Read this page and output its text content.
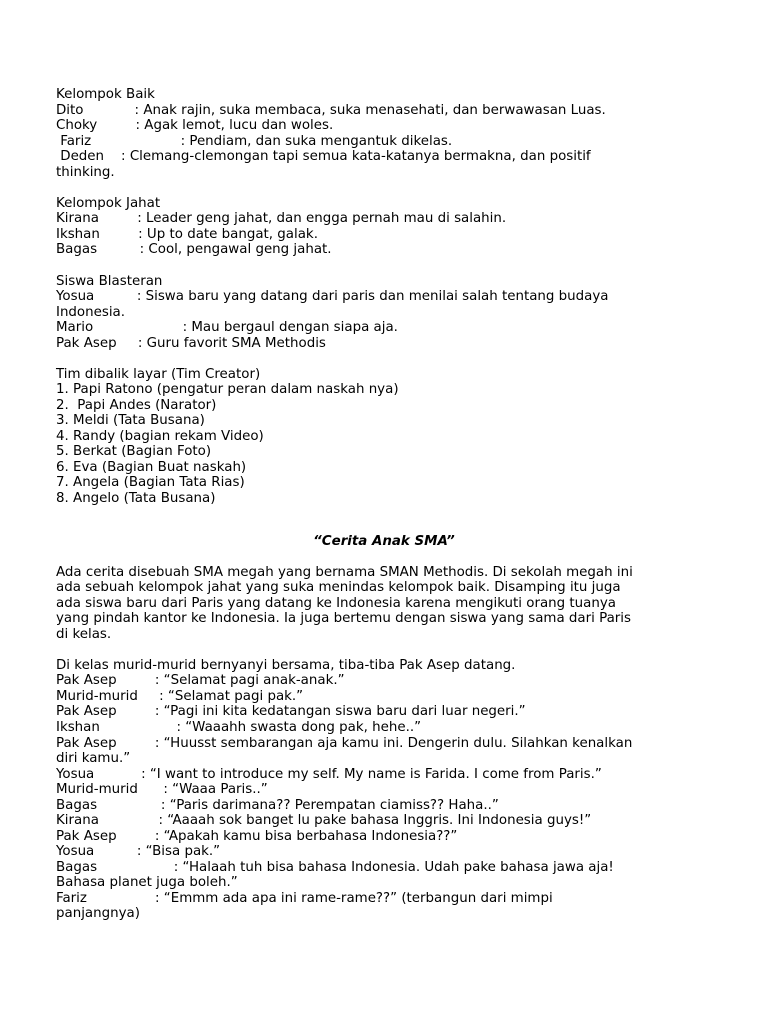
Kelompok Baik
Dito            : Anak rajin, suka membaca, suka menasehati, dan berwawasan Luas.
Choky         : Agak lemot, lucu dan woles.
Fariz                     : Pendiam, dan suka mengantuk dikelas.
Deden    : Clemang-clemongan tapi semua kata-katanya bermakna, dan positif
thinking.
Kelompok Jahat
Kirana         : Leader geng jahat, dan engga pernah mau di salahin.
Ikshan         : Up to date bangat, galak.
Bagas          : Cool, pengawal geng jahat.
Siswa Blasteran
Yosua          : Siswa baru yang datang dari paris dan menilai salah tentang budaya
Indonesia.
Mario                     : Mau bergaul dengan siapa aja.
Pak Asep     : Guru favorit SMA Methodis
Tim dibalik layar (Tim Creator)
1. Papi Ratono (pengatur peran dalam naskah nya)
2.  Papi Andes (Narator)
3. Meldi (Tata Busana)
4. Randy (bagian rekam Video)
5. Berkat (Bagian Foto)
6. Eva (Bagian Buat naskah)
7. Angela (Bagian Tata Rias)
8. Angelo (Tata Busana)
“Cerita Anak SMA”
Ada cerita disebuah SMA megah yang bernama SMAN Methodis. Di sekolah megah ini
ada sebuah kelompok jahat yang suka menindas kelompok baik. Disamping itu juga
ada siswa baru dari Paris yang datang ke Indonesia karena mengikuti orang tuanya
yang pindah kantor ke Indonesia. Ia juga bertemu dengan siswa yang sama dari Paris
di kelas.
Di kelas murid-murid bernyanyi bersama, tiba-tiba Pak Asep datang.
Pak Asep         : “Selamat pagi anak-anak.”
Murid-murid     : “Selamat pagi pak.”
Pak Asep         : “Pagi ini kita kedatangan siswa baru dari luar negeri.”
Ikshan                  : “Waaahh swasta dong pak, hehe..”
Pak Asep         : “Huusst sembarangan aja kamu ini. Dengerin dulu. Silahkan kenalkan
diri kamu.”
Yosua           : “I want to introduce my self. My name is Farida. I come from Paris.”
Murid-murid      : “Waaa Paris..”
Bagas               : “Paris darimana?? Perempatan ciamiss?? Haha..”
Kirana              : “Aaaah sok banget lu pake bahasa Inggris. Ini Indonesia guys!”
Pak Asep         : “Apakah kamu bisa berbahasa Indonesia??”
Yosua          : “Bisa pak.”
Bagas                  : “Halaah tuh bisa bahasa Indonesia. Udah pake bahasa jawa aja!
Bahasa planet juga boleh.”
Fariz                : “Emmm ada apa ini rame-rame??” (terbangun dari mimpi
panjangnya)
